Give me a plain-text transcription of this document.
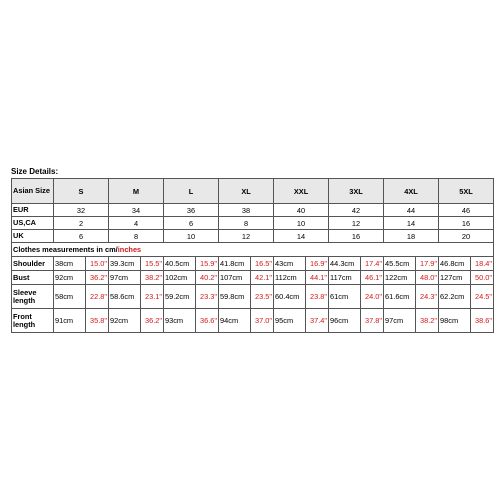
Size Details:
Asian Size	S		M		L		XL		XXL		3XL		4XL		5XL	
EUR	32		34		36		38		40		42		44		46	
US,CA	2		4		6		8		10		12		14		16	
UK	6		8		10		12		14		16		18		20	
Clothes measurements in cm/inches																
Shoulder	38cm	15.0"	39.3cm	15.5"	40.5cm	15.9"	41.8cm	16.5"	43cm	16.9"	44.3cm	17.4"	45.5cm	17.9"	46.8cm	18.4"
Bust	92cm	36.2"	97cm	38.2"	102cm	40.2"	107cm	42.1"	112cm	44.1"	117cm	46.1"	122cm	48.0"	127cm	50.0"
Sleeve length	58cm	22.8"	58.6cm	23.1"	59.2cm	23.3"	59.8cm	23.5"	60.4cm	23.8"	61cm	24.0"	61.6cm	24.3"	62.2cm	24.5"
Front length	91cm	35.8"	92cm	36.2"	93cm	36.6"	94cm	37.0"	95cm	37.4"	96cm	37.8"	97cm	38.2"	98cm	38.6"
